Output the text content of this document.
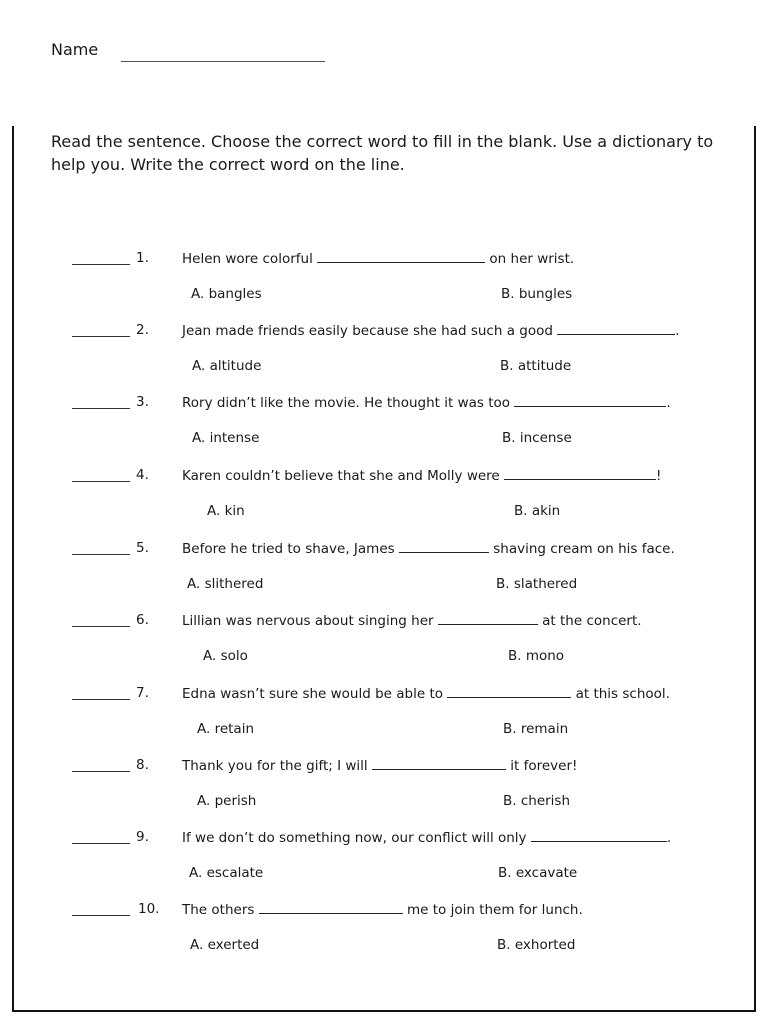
Name
Read the sentence. Choose the correct word to fill in the blank. Use a dictionary to help you. Write the correct word on the line.
1. Helen wore colorful	on her wrist.
A. bangles	B. bungles
2. Jean made friends easily because she had such a good	.
A. altitude	B. attitude
3. Rory didn’t like the movie. He thought it was too	.
A. intense	B. incense
4. Karen couldn’t believe that she and Molly were	!
A. kin	B. akin
5. Before he tried to shave, James	shaving cream on his face.
A. slithered	B. slathered
6. Lillian was nervous about singing her	at the concert.
A. solo	B. mono
7. Edna wasn’t sure she would be able to	at this school.
A. retain	B. remain
8. Thank you for the gift; I will	it forever!
A. perish	B. cherish
9. If we don’t do something now, our conflict will only	.
A. escalate	B. excavate
10. The others	me to join them for lunch.
A. exerted	B. exhorted
